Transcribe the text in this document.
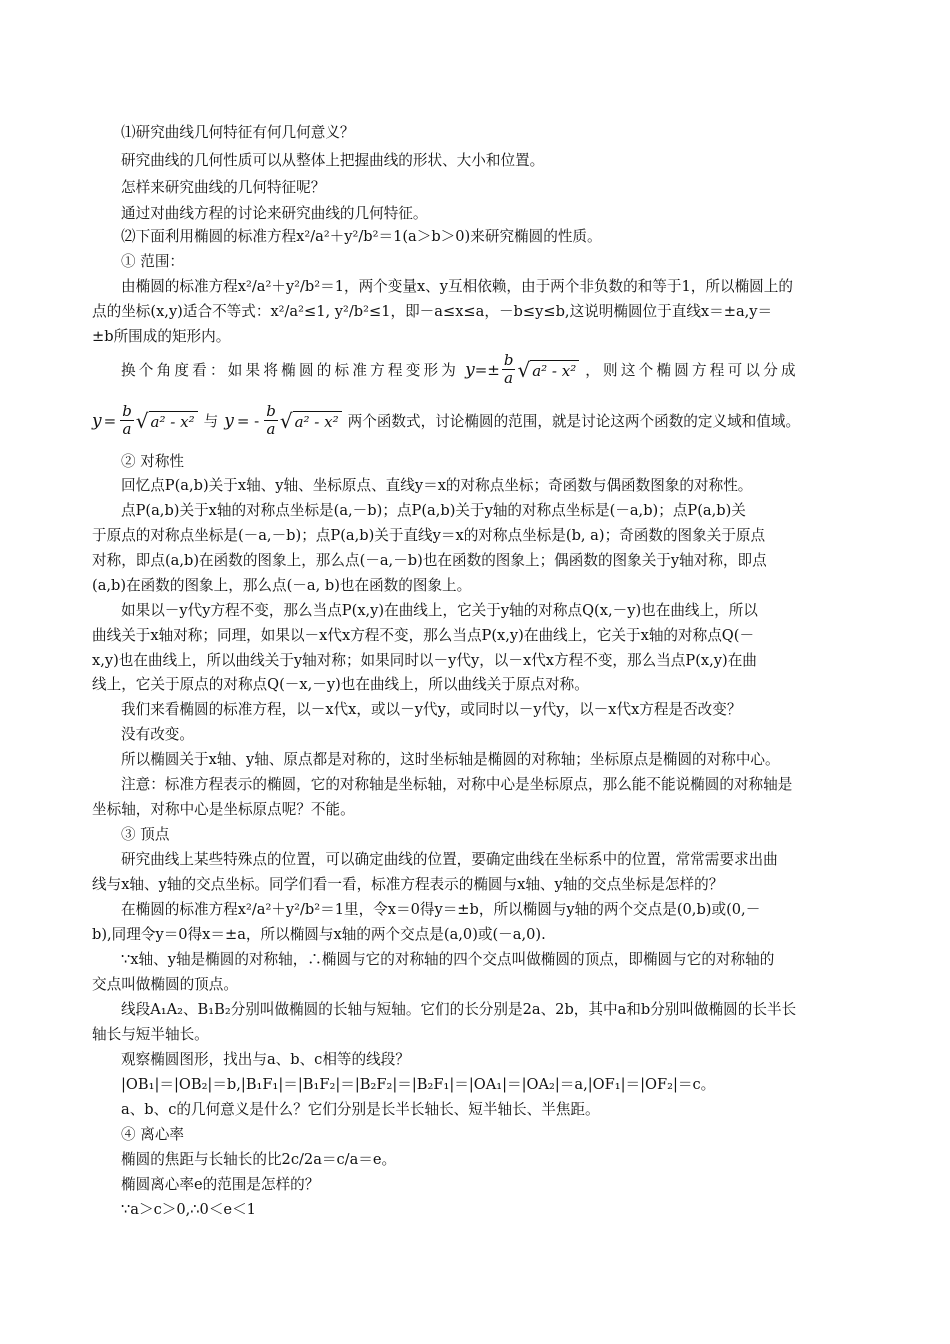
⑴研究曲线几何特征有何几何意义？
研究曲线的几何性质可以从整体上把握曲线的形状、大小和位置。
怎样来研究曲线的几何特征呢？
通过对曲线方程的讨论来研究曲线的几何特征。
⑵下面利用椭圆的标准方程x²/a²＋y²/b²＝1(a＞b＞0)来研究椭圆的性质。
① 范围：
由椭圆的标准方程x²/a²＋y²/b²＝1，两个变量x、y互相依赖，由于两个非负数的和等于1，所以椭圆上的
点的坐标(x,y)适合不等式：x²/a²≤1, y²/b²≤1，即－a≤x≤a，－b≤y≤b,这说明椭圆位于直线x＝±a,y＝
±b所围成的矩形内。
换个角度看：如果将椭圆的标准方程变形为 $y =\pm \frac{b}{a}$ √ a² - x² ，则这个椭圆方程可以分成
$y = \frac{b}{a}$ √ a² - x² 与 y = - $\frac{b}{a}$ √ a² - x² 两个函数式，讨论椭圆的范围，就是讨论这两个函数的定义域和值域。
② 对称性
回忆点P(a,b)关于x轴、y轴、坐标原点、直线y＝x的对称点坐标；奇函数与偶函数图象的对称性。
点P(a,b)关于x轴的对称点坐标是(a,－b)；点P(a,b)关于y轴的对称点坐标是(－a,b)；点P(a,b)关
于原点的对称点坐标是(－a,－b)；点P(a,b)关于直线y＝x的对称点坐标是(b, a)；奇函数的图象关于原点
对称，即点(a,b)在函数的图象上，那么点(－a,－b)也在函数的图象上；偶函数的图象关于y轴对称，即点
(a,b)在函数的图象上，那么点(－a, b)也在函数的图象上。
如果以－y代y方程不变，那么当点P(x,y)在曲线上，它关于y轴的对称点Q(x,－y)也在曲线上，所以
曲线关于x轴对称；同理，如果以－x代x方程不变，那么当点P(x,y)在曲线上，它关于x轴的对称点Q(－
x,y)也在曲线上，所以曲线关于y轴对称；如果同时以－y代y，以－x代x方程不变，那么当点P(x,y)在曲
线上，它关于原点的对称点Q(－x,－y)也在曲线上，所以曲线关于原点对称。
我们来看椭圆的标准方程，以－x代x，或以－y代y，或同时以－y代y，以－x代x方程是否改变？
没有改变。
所以椭圆关于x轴、y轴、原点都是对称的，这时坐标轴是椭圆的对称轴；坐标原点是椭圆的对称中心。
注意：标准方程表示的椭圆，它的对称轴是坐标轴，对称中心是坐标原点，那么能不能说椭圆的对称轴是
坐标轴，对称中心是坐标原点呢？不能。
③ 顶点
研究曲线上某些特殊点的位置，可以确定曲线的位置，要确定曲线在坐标系中的位置，常常需要求出曲
线与x轴、y轴的交点坐标。同学们看一看，标准方程表示的椭圆与x轴、y轴的交点坐标是怎样的？
在椭圆的标准方程x²/a²＋y²/b²＝1里，令x＝0得y＝±b，所以椭圆与y轴的两个交点是(0,b)或(0,－
b),同理令y＝0得x＝±a，所以椭圆与x轴的两个交点是(a,0)或(－a,0).
∵x轴、y轴是椭圆的对称轴，∴椭圆与它的对称轴的四个交点叫做椭圆的顶点，即椭圆与它的对称轴的
交点叫做椭圆的顶点。
线段A₁A₂、B₁B₂分别叫做椭圆的长轴与短轴。它们的长分别是2a、2b，其中a和b分别叫做椭圆的长半长
轴长与短半轴长。
观察椭圆图形，找出与a、b、c相等的线段？
|OB₁|＝|OB₂|＝b,|B₁F₁|＝|B₁F₂|＝|B₂F₂|＝|B₂F₁|＝|OA₁|＝|OA₂|＝a,|OF₁|＝|OF₂|＝c。
a、b、c的几何意义是什么？它们分别是长半长轴长、短半轴长、半焦距。
④ 离心率
椭圆的焦距与长轴长的比2c/2a＝c/a＝e。
椭圆离心率e的范围是怎样的？
∵a＞c＞0,∴0＜e＜1
